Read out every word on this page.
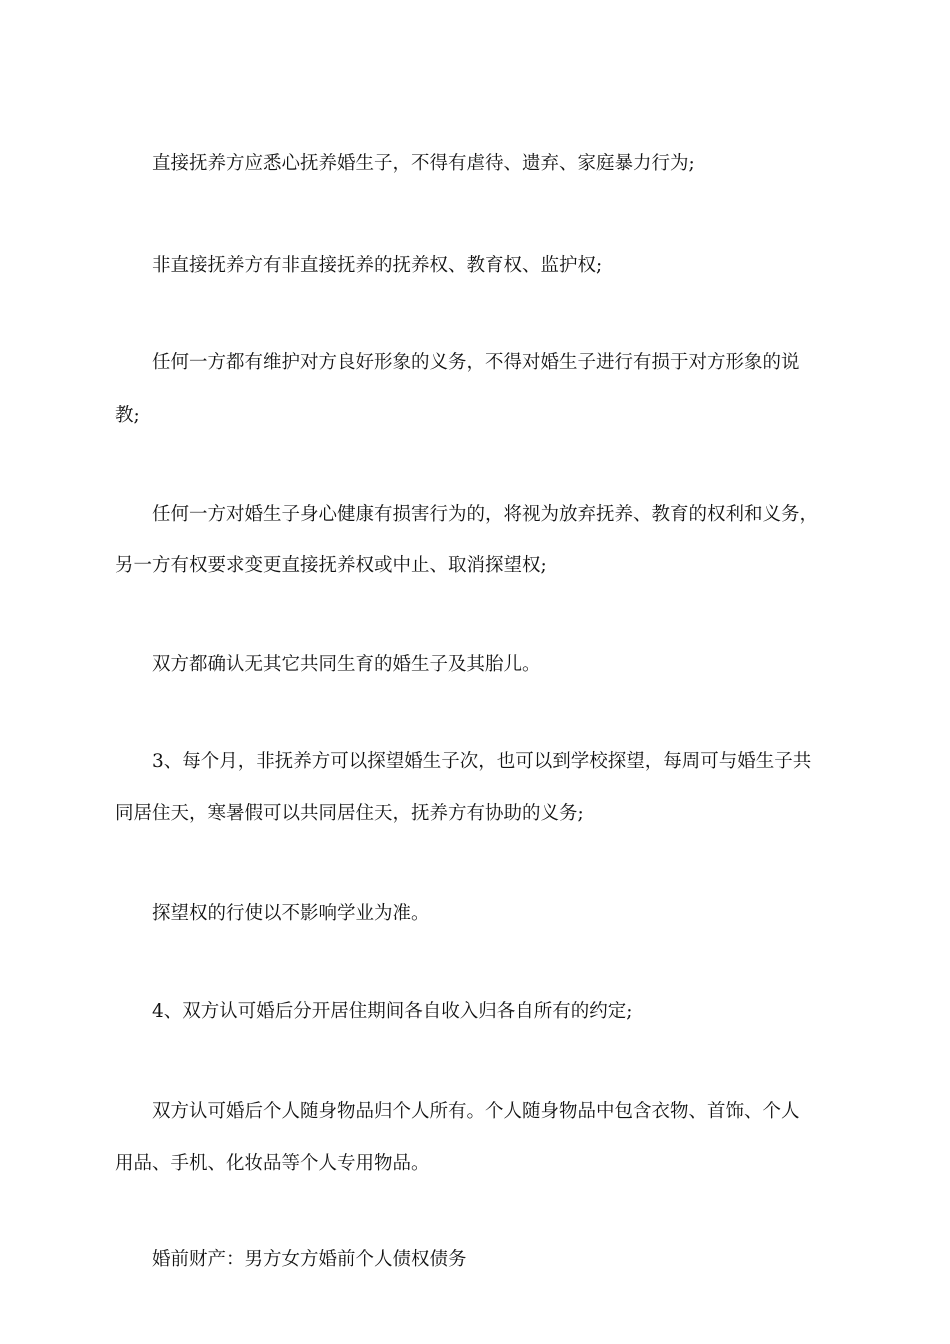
直接抚养方应悉心抚养婚生子，不得有虐待、遗弃、家庭暴力行为;
非直接抚养方有非直接抚养的抚养权、教育权、监护权;
任何一方都有维护对方良好形象的义务，不得对婚生子进行有损于对方形象的说
教;
任何一方对婚生子身心健康有损害行为的，将视为放弃抚养、教育的权利和义务，
另一方有权要求变更直接抚养权或中止、取消探望权;
双方都确认无其它共同生育的婚生子及其胎儿。
3、每个月，非抚养方可以探望婚生子次，也可以到学校探望，每周可与婚生子共
同居住天，寒暑假可以共同居住天，抚养方有协助的义务;
探望权的行使以不影响学业为准。
4、双方认可婚后分开居住期间各自收入归各自所有的约定;
双方认可婚后个人随身物品归个人所有。个人随身物品中包含衣物、首饰、个人
用品、手机、化妆品等个人专用物品。
婚前财产：男方女方婚前个人债权债务
